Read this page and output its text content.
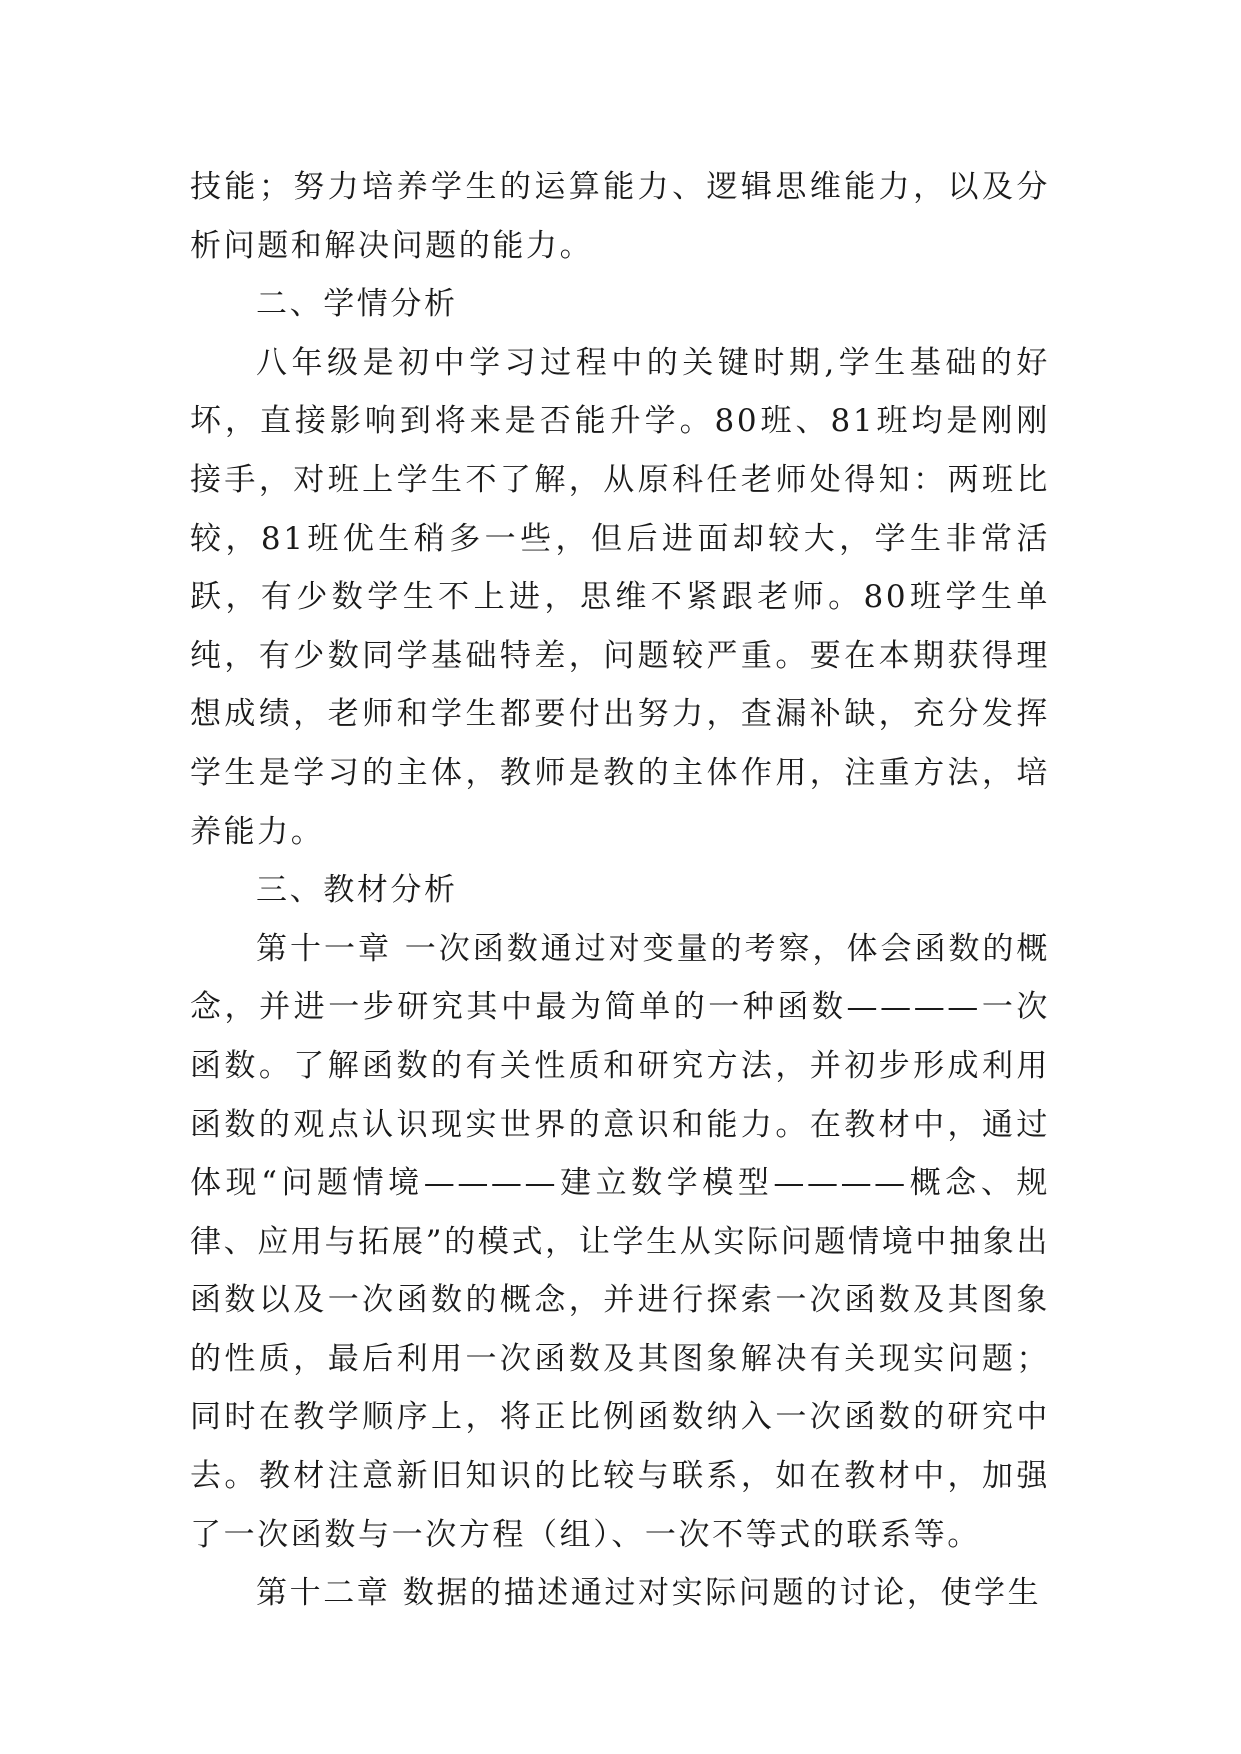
技能；努力培养学生的运算能力、逻辑思维能力，以及分析问题和解决问题的能力。

二、学情分析

八年级是初中学习过程中的关键时期,学生基础的好坏，直接影响到将来是否能升学。80班、81班均是刚刚接手，对班上学生不了解，从原科任老师处得知：两班比较，81班优生稍多一些，但后进面却较大，学生非常活跃，有少数学生不上进，思维不紧跟老师。80班学生单纯，有少数同学基础特差，问题较严重。要在本期获得理想成绩，老师和学生都要付出努力，查漏补缺，充分发挥学生是学习的主体，教师是教的主体作用，注重方法，培养能力。

三、教材分析

第十一章 一次函数通过对变量的考察，体会函数的概念，并进一步研究其中最为简单的一种函数————一次函数。了解函数的有关性质和研究方法，并初步形成利用函数的观点认识现实世界的意识和能力。在教材中，通过体现“问题情境————建立数学模型————概念、规律、应用与拓展”的模式，让学生从实际问题情境中抽象出函数以及一次函数的概念，并进行探索一次函数及其图象的性质，最后利用一次函数及其图象解决有关现实问题；同时在教学顺序上，将正比例函数纳入一次函数的研究中去。教材注意新旧知识的比较与联系，如在教材中，加强了一次函数与一次方程（组）、一次不等式的联系等。

第十二章 数据的描述通过对实际问题的讨论，使学生
